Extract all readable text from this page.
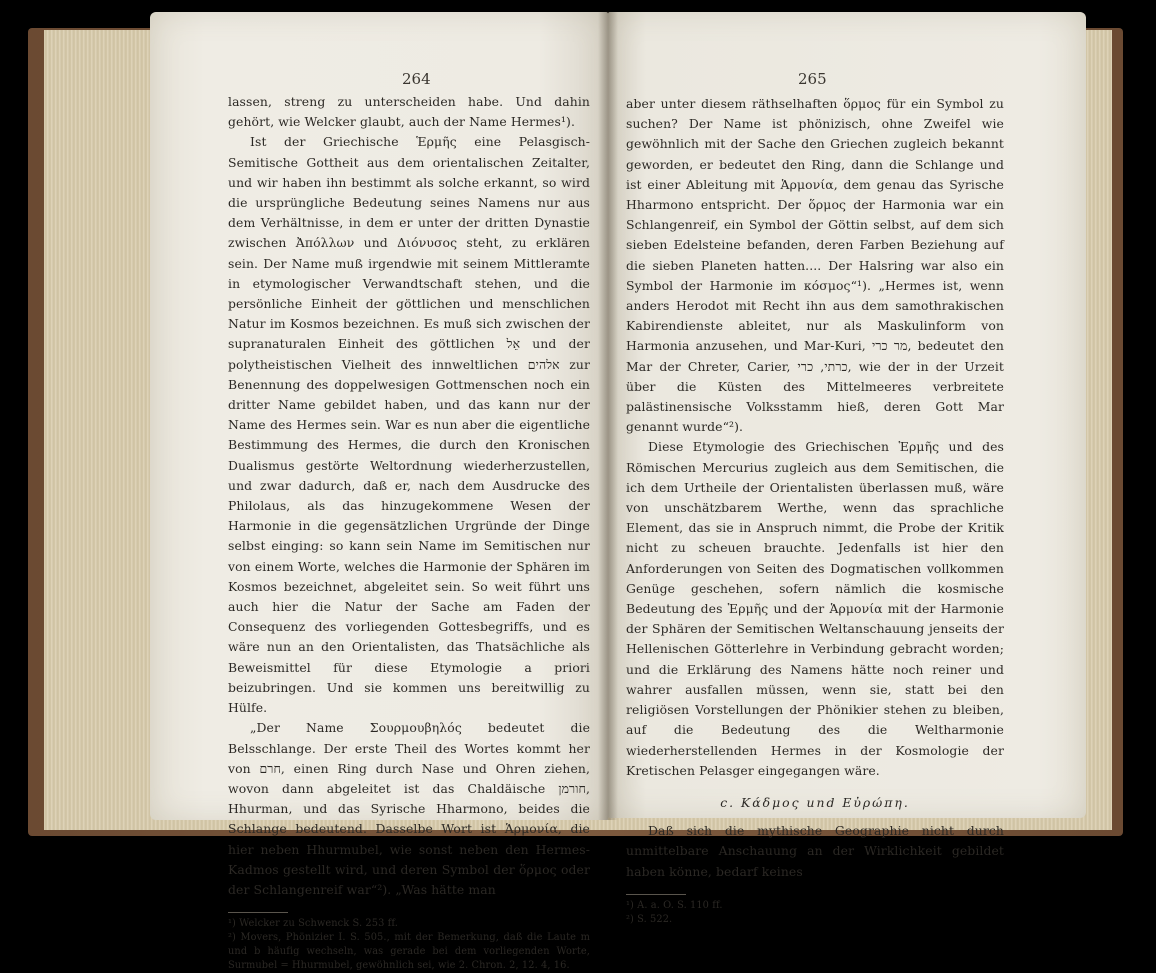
264

lassen, streng zu unterscheiden habe. Und dahin gehört, wie Welcker glaubt, auch der Name Hermes¹).

Ist der Griechische Ἑρμῆς eine Pelasgisch-Semitische Gottheit aus dem orientalischen Zeitalter, und wir haben ihn bestimmt als solche erkannt, so wird die ursprüngliche Bedeutung seines Namens nur aus dem Verhältnisse, in dem er unter der dritten Dynastie zwischen Ἀπόλλων und Διόνυσος steht, zu erklären sein. Der Name muß irgendwie mit seinem Mittleramte in etymologischer Verwandtschaft stehen, und die persönliche Einheit der göttlichen und menschlichen Natur im Kosmos bezeichnen. Es muß sich zwischen der supranaturalen Einheit des göttlichen אֵל und der polytheistischen Vielheit des innweltlichen אלהים zur Benennung des doppelwesigen Gottmenschen noch ein dritter Name gebildet haben, und das kann nur der Name des Hermes sein. War es nun aber die eigentliche Bestimmung des Hermes, die durch den Kronischen Dualismus gestörte Weltordnung wiederherzustellen, und zwar dadurch, daß er, nach dem Ausdrucke des Philolaus, als das hinzugekommene Wesen der Harmonie in die gegensätzlichen Urgründe der Dinge selbst einging: so kann sein Name im Semitischen nur von einem Worte, welches die Harmonie der Sphären im Kosmos bezeichnet, abgeleitet sein. So weit führt uns auch hier die Natur der Sache am Faden der Consequenz des vorliegenden Gottesbegriffs, und es wäre nun an den Orientalisten, das Thatsächliche als Beweismittel für diese Etymologie a priori beizubringen. Und sie kommen uns bereitwillig zu Hülfe.

„Der Name Σουρμουβηλός bedeutet die Belsschlange. Der erste Theil des Wortes kommt her von חרם, einen Ring durch Nase und Ohren ziehen, wovon dann abgeleitet ist das Chaldäische חורמן, Hhurman, und das Syrische Hharmono, beides die Schlange bedeutend. Dasselbe Wort ist Ἁρμονία, die hier neben Hhurmubel, wie sonst neben den Hermes-Kadmos gestellt wird, und deren Symbol der ὅρμος oder der Schlangenreif war“²). „Was hätte man

¹) Welcker zu Schwenck S. 253 ff.

²) Movers, Phönizier I. S. 505., mit der Bemerkung, daß die Laute m und b häufig wechseln, was gerade bei dem vorliegenden Worte, Surmubel = Hhurmubel, gewöhnlich sei, wie 2. Chron. 2, 12. 4, 16.

265

aber unter diesem räthselhaften ὅρμος für ein Symbol zu suchen? Der Name ist phönizisch, ohne Zweifel wie gewöhnlich mit der Sache den Griechen zugleich bekannt geworden, er bedeutet den Ring, dann die Schlange und ist einer Ableitung mit Ἁρμονία, dem genau das Syrische Hharmono entspricht. Der ὅρμος der Harmonia war ein Schlangenreif, ein Symbol der Göttin selbst, auf dem sich sieben Edelsteine befanden, deren Farben Beziehung auf die sieben Planeten hatten.... Der Halsring war also ein Symbol der Harmonie im κόσμος“¹). „Hermes ist, wenn anders Herodot mit Recht ihn aus dem samothrakischen Kabirendienste ableitet, nur als Maskulinform von Harmonia anzusehen, und Mar-Kuri, מר כרי, bedeutet den Mar der Chreter, Carier, כרתי, כרי, wie der in der Urzeit über die Küsten des Mittelmeeres verbreitete palästinensische Volksstamm hieß, deren Gott Mar genannt wurde“²).

Diese Etymologie des Griechischen Ἑρμῆς und des Römischen Mercurius zugleich aus dem Semitischen, die ich dem Urtheile der Orientalisten überlassen muß, wäre von unschätzbarem Werthe, wenn das sprachliche Element, das sie in Anspruch nimmt, die Probe der Kritik nicht zu scheuen brauchte. Jedenfalls ist hier den Anforderungen von Seiten des Dogmatischen vollkommen Genüge geschehen, sofern nämlich die kosmische Bedeutung des Ἑρμῆς und der Ἁρμονία mit der Harmonie der Sphären der Semitischen Weltanschauung jenseits der Hellenischen Götterlehre in Verbindung gebracht worden; und die Erklärung des Namens hätte noch reiner und wahrer ausfallen müssen, wenn sie, statt bei den religiösen Vorstellungen der Phönikier stehen zu bleiben, auf die Bedeutung des die Weltharmonie wiederherstellenden Hermes in der Kosmologie der Kretischen Pelasger eingegangen wäre.

c. Κάδμος und Εὐρώπη.

Daß sich die mythische Geographie nicht durch unmittelbare Anschauung an der Wirklichkeit gebildet haben könne, bedarf keines

¹) A. a. O. S. 110 ff.

²) S. 522.
